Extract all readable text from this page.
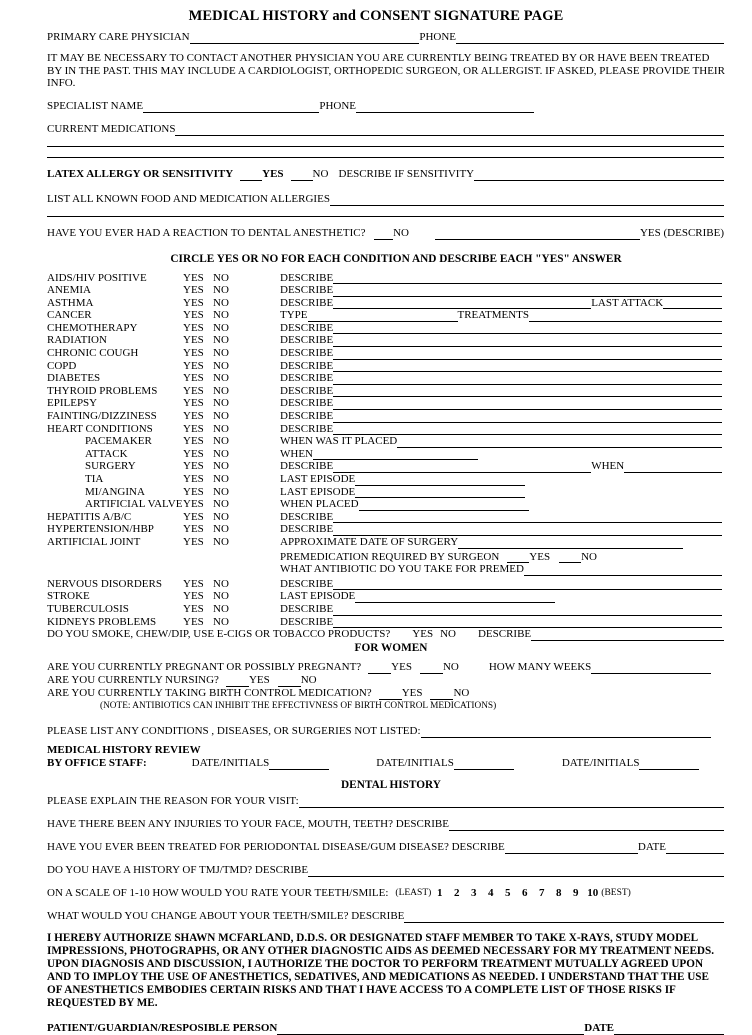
MEDICAL HISTORY and CONSENT SIGNATURE PAGE
PRIMARY CARE PHYSICIAN	PHONE
IT MAY BE NECESSARY TO CONTACT ANOTHER PHYSICIAN YOU ARE CURRENTLY BEING TREATED BY OR HAVE BEEN TREATED BY IN THE PAST. THIS MAY INCLUDE A CARDIOLOGIST, ORTHOPEDIC SURGEON, OR ALLERGIST. IF ASKED, PLEASE PROVIDE THEIR INFO.
SPECIALIST NAME	PHONE
CURRENT MEDICATIONS
LATEX ALLERGY OR SENSITIVITY	YES	NO DESCRIBE IF SENSITIVITY
LIST ALL KNOWN FOOD AND MEDICATION ALLERGIES
HAVE YOU EVER HAD A REACTION TO DENTAL ANESTHETIC?	NO	YES (DESCRIBE)
CIRCLE YES OR NO FOR EACH CONDITION AND DESCRIBE EACH "YES" ANSWER
AIDS/HIV POSITIVE	YES NO	DESCRIBE
ANEMIA	YES NO	DESCRIBE
ASTHMA	YES NO	DESCRIBE	LAST ATTACK
CANCER	YES NO	TYPE	TREATMENTS
CHEMOTHERAPY	YES NO	DESCRIBE
RADIATION	YES NO	DESCRIBE
CHRONIC COUGH	YES NO	DESCRIBE
COPD	YES NO	DESCRIBE
DIABETES	YES NO	DESCRIBE
THYROID PROBLEMS	YES NO	DESCRIBE
EPILEPSY	YES NO	DESCRIBE
FAINTING/DIZZINESS	YES NO	DESCRIBE
HEART CONDITIONS	YES NO	DESCRIBE
PACEMAKER	YES NO	WHEN WAS IT PLACED
ATTACK	YES NO	WHEN
SURGERY	YES NO	DESCRIBE	WHEN
TIA	YES NO	LAST EPISODE
MI/ANGINA	YES NO	LAST EPISODE
ARTIFICIAL VALVE YES NO	WHEN PLACED
HEPATITIS A/B/C	YES NO	DESCRIBE
HYPERTENSION/HBP	YES NO	DESCRIBE
ARTIFICIAL JOINT	YES NO	APPROXIMATE DATE OF SURGERY
PREMEDICATION REQUIRED BY SURGEON	YES	NO
WHAT ANTIBIOTIC DO YOU TAKE FOR PREMED
NERVOUS DISORDERS	YES NO	DESCRIBE
STROKE	YES NO	LAST EPISODE
TUBERCULOSIS	YES NO	DESCRIBE
KIDNEYS PROBLEMS	YES NO	DESCRIBE
DO YOU SMOKE, CHEW/DIP, USE E-CIGS OR TOBACCO PRODUCTS? YES NO DESCRIBE
FOR WOMEN
ARE YOU CURRENTLY PREGNANT OR POSSIBLY PREGNANT?	YES	NO	HOW MANY WEEKS
ARE YOU CURRENTLY NURSING?	YES	NO
ARE YOU CURRENTLY TAKING BIRTH CONTROL MEDICATION?	YES	NO
(NOTE: ANTIBIOTICS CAN INHIBIT THE EFFECTIVNESS OF BIRTH CONTROL MEDICATIONS)
PLEASE LIST ANY CONDITIONS , DISEASES, OR SURGERIES NOT LISTED:
MEDICAL HISTORY REVIEW
BY OFFICE STAFF:	DATE/INITIALS	DATE/INITIALS	DATE/INITIALS
DENTAL HISTORY
PLEASE EXPLAIN THE REASON FOR YOUR VISIT:
HAVE THERE BEEN ANY INJURIES TO YOUR FACE, MOUTH, TEETH? DESCRIBE
HAVE YOU EVER BEEN TREATED FOR PERIODONTAL DISEASE/GUM DISEASE? DESCRIBE	DATE
DO YOU HAVE A HISTORY OF TMJ/TMD? DESCRIBE
ON A SCALE OF 1-10 HOW WOULD YOU RATE YOUR TEETH/SMILE: (LEAST) 1	2	3	4	5	6	7	8	9 10 (BEST)
WHAT WOULD YOU CHANGE ABOUT YOUR TEETH/SMILE? DESCRIBE
I HEREBY AUTHORIZE SHAWN MCFARLAND, D.D.S. OR DESIGNATED STAFF MEMBER TO TAKE X-RAYS, STUDY MODEL IMPRESSIONS, PHOTOGRAPHS, OR ANY OTHER DIAGNOSTIC AIDS AS DEEMED NECESSARY FOR MY TREATMENT NEEDS. UPON DIAGNOSIS AND DISCUSSION, I AUTHORIZE THE DOCTOR TO PERFORM TREATMENT MUTUALLY AGREED UPON AND TO IMPLOY THE USE OF ANESTHETICS, SEDATIVES, AND MEDICATIONS AS NEEDED. I UNDERSTAND THAT THE USE OF ANESTHETICS EMBODIES CERTAIN RISKS AND THAT I HAVE ACCESS TO A COMPLETE LIST OF THOSE RISKS IF REQUESTED BY ME.
PATIENT/GUARDIAN/RESPOSIBLE PERSON	DATE
